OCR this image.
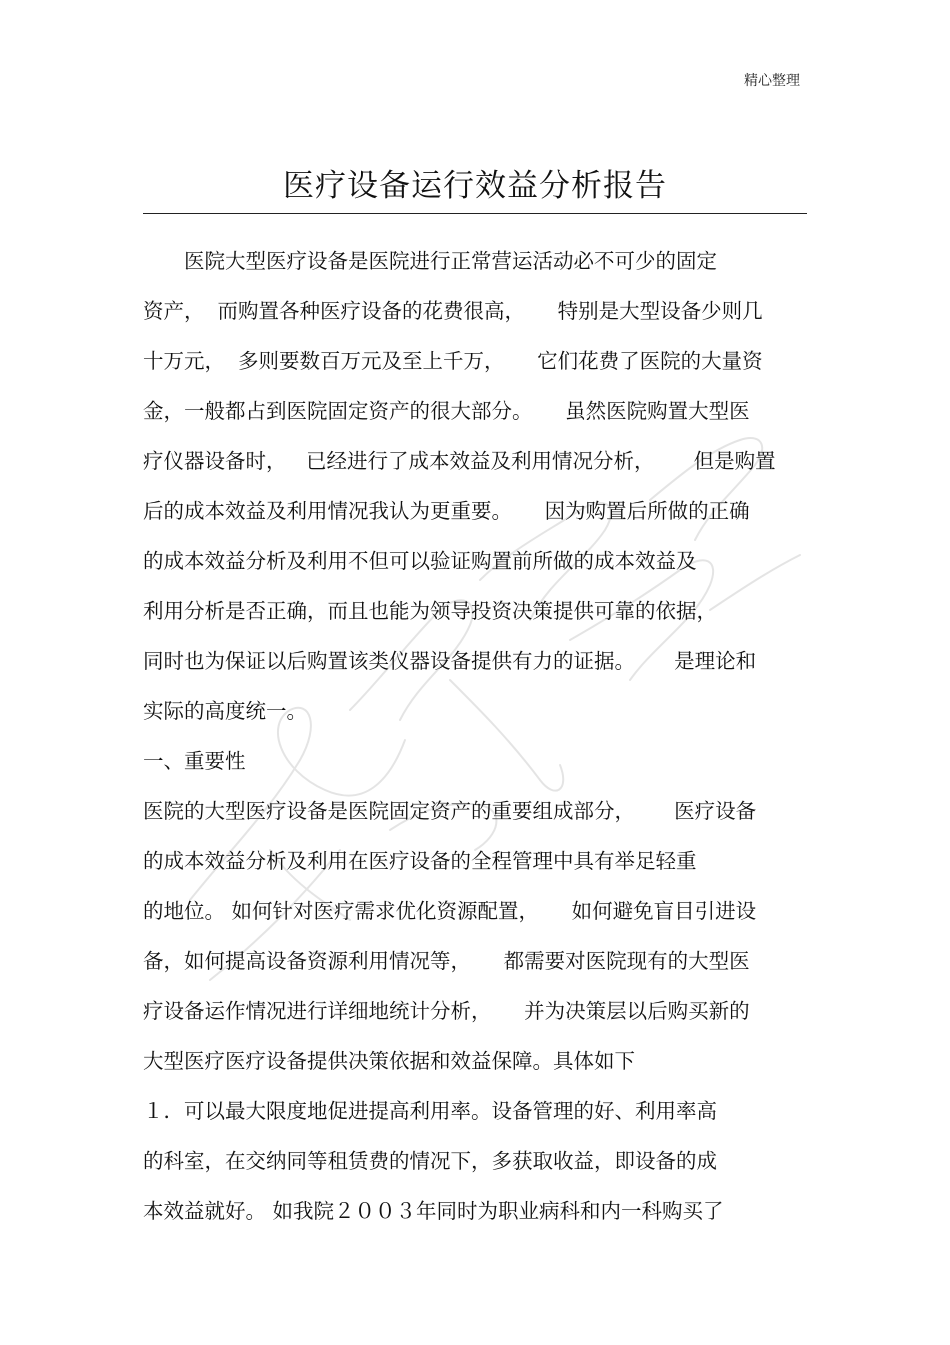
精心整理
医疗设备运行效益分析报告
　　医院大型医疗设备是医院进行正常营运活动必不可少的固定
资产，  而购置各种医疗设备的花费很高，     特别是大型设备少则几
十万元，  多则要数百万元及至上千万，     它们花费了医院的大量资
金，一般都占到医院固定资产的很大部分。     虽然医院购置大型医
疗仪器设备时，   已经进行了成本效益及利用情况分析，      但是购置
后的成本效益及利用情况我认为更重要。     因为购置后所做的正确
的成本效益分析及利用不但可以验证购置前所做的成本效益及
利用分析是否正确，而且也能为领导投资决策提供可靠的依据，
同时也为保证以后购置该类仪器设备提供有力的证据。      是理论和
实际的高度统一。
一、重要性
医院的大型医疗设备是医院固定资产的重要组成部分，      医疗设备
的成本效益分析及利用在医疗设备的全程管理中具有举足轻重
的地位。 如何针对医疗需求优化资源配置，     如何避免盲目引进设
备，如何提高设备资源利用情况等，     都需要对医院现有的大型医
疗设备运作情况进行详细地统计分析，     并为决策层以后购买新的
大型医疗医疗设备提供决策依据和效益保障。具体如下
１．可以最大限度地促进提高利用率。设备管理的好、利用率高
的科室，在交纳同等租赁费的情况下，多获取收益，即设备的成
本效益就好。 如我院２００３年同时为职业病科和内一科购买了
